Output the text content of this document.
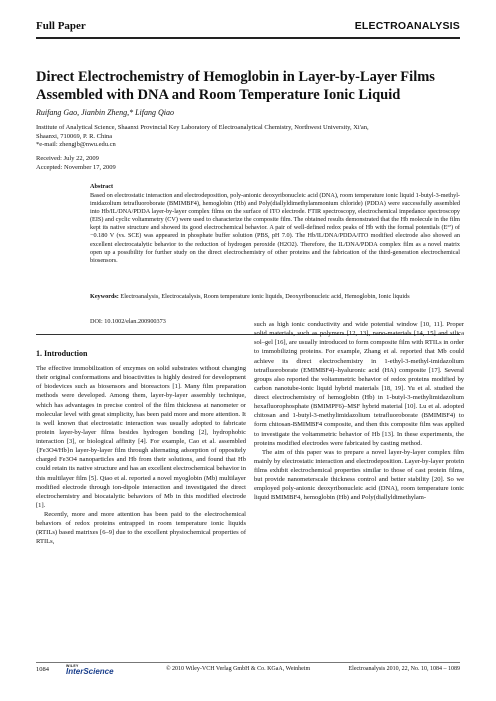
Full Paper	ELECTROANALYSIS
Direct Electrochemistry of Hemoglobin in Layer-by-Layer Films Assembled with DNA and Room Temperature Ionic Liquid
Ruifang Gao, Jianbin Zheng,* Lifang Qiao
Institute of Analytical Science, Shaanxi Provincial Key Laboratory of Electroanalytical Chemistry, Northwest University, Xi'an,
Shaanxi, 710069, P. R. China
*e-mail: zhengjb@nwu.edu.cn
Received: July 22, 2009
Accepted: November 17, 2009
Abstract
Based on electrostatic interaction and electrodeposition, poly-anionic deoxyribonucleic acid (DNA), room temperature ionic liquid 1-butyl-3-methyl-imidazolium tetrafluoroborate (BMIMBF4), hemoglobin (Hb) and Poly(diallyldimethylammonium chloride) (PDDA) were successfully assembled into Hb/IL/DNA/PDDA layer-by-layer complex films on the surface of ITO electrode. FTIR spectroscopy, electrochemical impedance spectroscopy (EIS) and cyclic voltammetry (CV) were used to characterize the composite film. The obtained results demonstrated that the Hb molecule in the film kept its native structure and showed its good electrochemical behavior. A pair of well-defined redox peaks of Hb with the formal potentials (E°') of −0.180 V (vs. SCE) was appeared in phosphate buffer solution (PBS, pH 7.0). The Hb/IL/DNA/PDDA/ITO modified electrode also showed an excellent electrocatalytic behavior to the reduction of hydrogen peroxide (H2O2). Therefore, the IL/DNA/PDDA complex film as a novel matrix open up a possibility for further study on the direct electrochemistry of other proteins and the fabrication of the third-generation electrochemical biosensors.
Keywords: Electroanalysis, Electrocatalysis, Room temperature ionic liquids, Deoxyribonucleic acid, Hemoglobin, Ionic liquids
DOI: 10.1002/elan.200900373
1. Introduction

The effective immobilization of enzymes on solid substrates without changing their original conformations and bioactivities is highly desired for development of biodevices such as biosensors and bioreactors [1]. Many film preparation methods were developed. Among them, layer-by-layer assembly technique, which has advantages in precise control of the film thickness at nanometer or molecular level with great simplicity, has been paid more and more attention. It is well known that electrostatic interaction was usually adopted to fabricate protein layer-by-layer films besides hydrogen bonding [2], hydrophobic interaction [3], or biological affinity [4]. For example, Cao et al. assembled {Fe3O4/Hb}n layer-by-layer film through alternating adsorption of oppositely charged Fe3O4 nanoparticles and Hb from their solutions, and found that Hb could retain its native structure and has an excellent electrochemical behavior in this multilayer film [5]. Qiao et al. reported a novel myoglobin (Mb) multilayer modified electrode through ion-dipole interaction and investigated the direct electrochemistry and biocatalytic behaviors of Mb in this modified electrode [1].

Recently, more and more attention has been paid to the electrochemical behaviors of redox proteins entrapped in room temperature ionic liquids (RTILs) based matrixes [6–9] due to the excellent physiochemical properties of RTILs,

such as high ionic conductivity and wide potential window [10, 11]. Proper solid materials, such as polymers [12, 13], nano-materials [14, 15] and silica sol–gel [16], are usually introduced to form composite film with RTILs in order to immobilizing proteins. For example, Zhang et al. reported that Mb could achieve its direct electrochemistry in 1-ethyl-3-methyl-imidazolium tetrafluoroborate (EMIMBF4)–hyaluronic acid (HA) composite [17]. Several groups also reported the voltammetric behavior of redox proteins modified by carbon nanotube-ionic liquid hybrid materials [18, 19]. Yu et al. studied the direct electrochemistry of hemoglobin (Hb) in 1-butyl-3-methylimidazolium hexafluorophosphate (BMIMPF6)–MSF hybrid material [10]. Lu et al. adopted chitosan and 1-butyl-3-methylimidazolium tetrafluoroborate (BMIMBF4) to form chitosan-BMIMBF4 composite, and then this composite film was applied to investigate the voltammetric behavior of Hb [13]. In these experiments, the proteins modified electrodes were fabricated by casting method.

The aim of this paper was to prepare a novel layer-by-layer complex film mainly by electrostatic interaction and electrodeposition. Layer-by-layer protein films exhibit electrochemical properties similar to those of cast protein films, but provide nanometerscale thickness control and better stability [20]. So we employed poly-anionic deoxyribonucleic acid (DNA), room temperature ionic liquid BMIMBF4, hemoglobin (Hb) and Poly(diallyldimethylam-

1084	WILEY
InterScience	© 2010 Wiley-VCH Verlag GmbH & Co. KGaA, Weinheim	Electroanalysis 2010, 22, No. 10, 1084 – 1089
